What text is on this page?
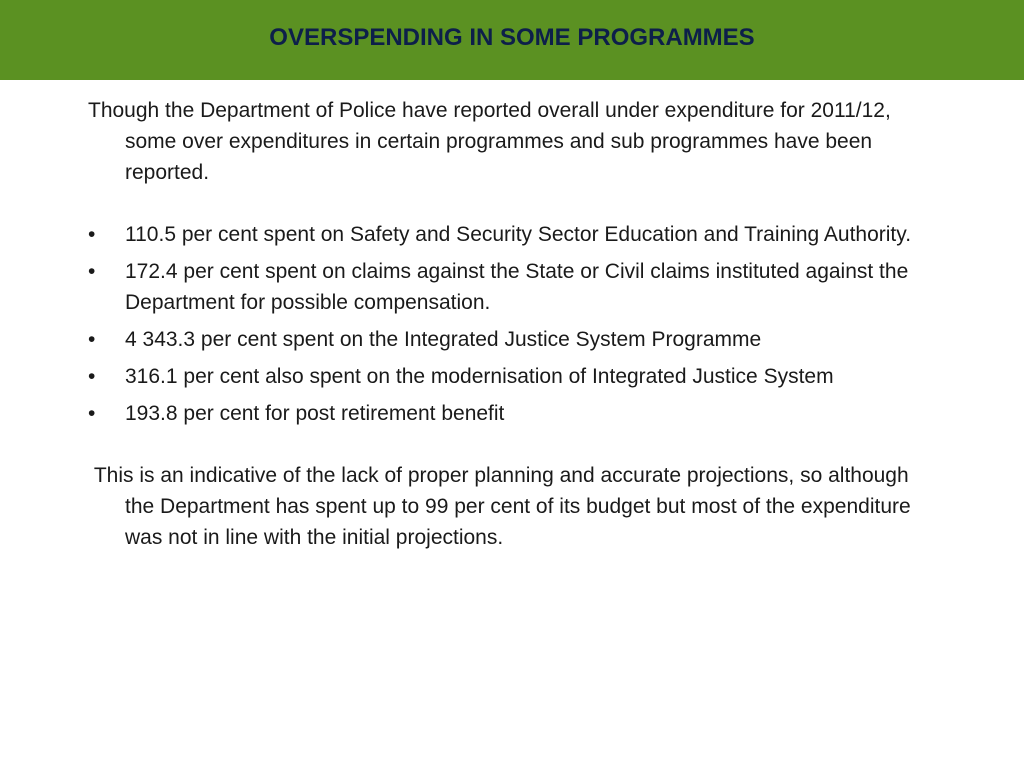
OVERSPENDING IN SOME PROGRAMMES

Though the Department of Police have reported overall under expenditure for 2011/12, some over expenditures in certain programmes and sub programmes have been reported.

•	110.5 per cent spent on Safety and Security Sector Education and Training Authority.
•	172.4 per cent spent on claims against the State or Civil claims instituted against the Department for possible compensation.
•	4 343.3 per cent spent on the Integrated Justice System Programme
•	316.1 per cent also spent on the modernisation of Integrated Justice System
•	193.8 per cent for post retirement benefit

This is an indicative of the lack of proper planning and accurate projections, so although the Department has spent up to 99 per cent of its budget but most of the expenditure was not in line with the initial projections.
